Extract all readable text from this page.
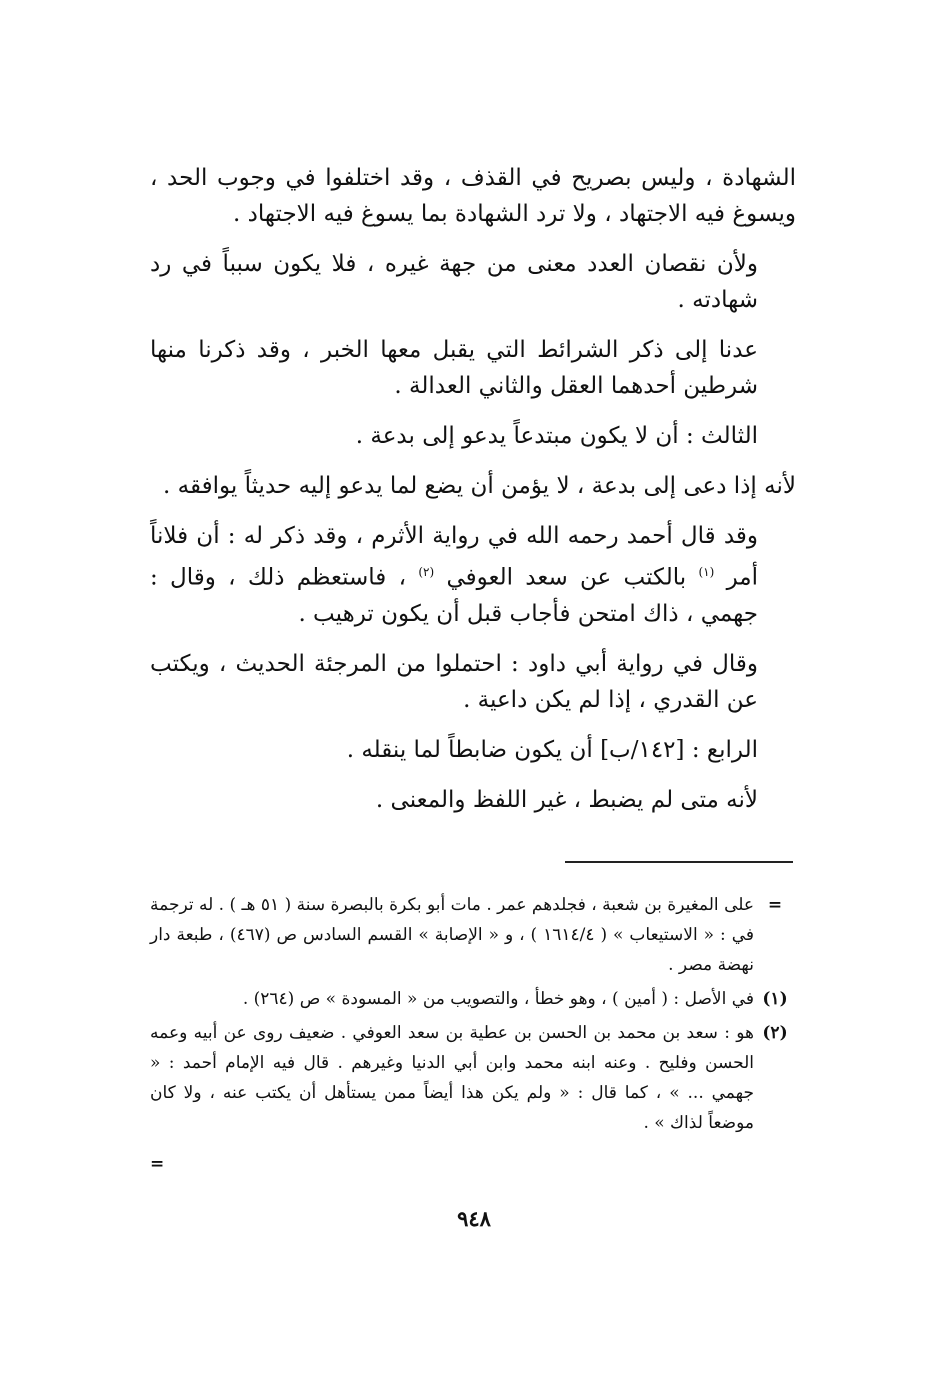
الشهادة ، وليس بصريح في القذف ، وقد اختلفوا في وجوب الحد ، ويسوغ فيه الاجتهاد ، ولا ترد الشهادة بما يسوغ فيه الاجتهاد .

ولأن نقصان العدد معنى من جهة غيره ، فلا يكون سبباً في رد شهادته .

عدنا إلى ذكر الشرائط التي يقبل معها الخبر ، وقد ذكرنا منها شرطين أحدهما العقل والثاني العدالة .

الثالث : أن لا يكون مبتدعاً يدعو إلى بدعة .

لأنه إذا دعى إلى بدعة ، لا يؤمن أن يضع لما يدعو إليه حديثاً يوافقه .

وقد قال أحمد رحمه الله في رواية الأثرم ، وقد ذكر له : أن فلاناً أمر $^{(١)}$ بالكتب عن سعد العوفي $^{(٢)}$ ، فاستعظم ذلك ، وقال : جهمي ، ذاك امتحن فأجاب قبل أن يكون ترهيب .

وقال في رواية أبي داود : احتملوا من المرجئة الحديث ، ويكتب عن القدري ، إذا لم يكن داعية .

الرابع : [١٤٢/ب] أن يكون ضابطاً لما ينقله .

لأنه متى لم يضبط ، غير اللفظ والمعنى .

=
على المغيرة بن شعبة ، فجلدهم عمر . مات أبو بكرة بالبصرة سنة ( ٥١ هـ ) . له ترجمة في : « الاستيعاب » ( ١٦١٤/٤ ) ، و « الإصابة » القسم السادس ص (٤٦٧) ، طبعة دار نهضة مصر .
(١)
في الأصل : ( أمين ) ، وهو خطأ ، والتصويب من « المسودة » ص (٢٦٤) .
(٢)
هو : سعد بن محمد بن الحسن بن عطية بن سعد العوفي . ضعيف روى عن أبيه وعمه الحسن وفليح . وعنه ابنه محمد وابن أبي الدنيا وغيرهم . قال فيه الإمام أحمد : « جهمي ... » ، كما قال : « ولم يكن هذا أيضاً ممن يستأهل أن يكتب عنه ، ولا كان موضعاً لذاك » .
=
٩٤٨
